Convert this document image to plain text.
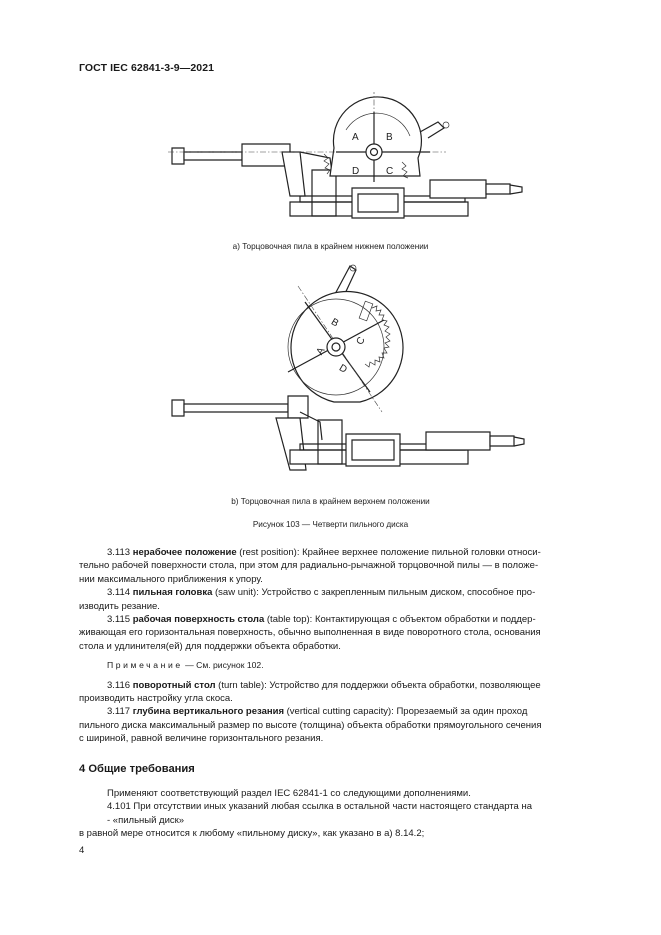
ГОСТ IEC 62841-3-9—2021
A	B
C
D
а) Торцовочная пила в крайнем нижнем положении
A
B
C
D
b) Торцовочная пила в крайнем верхнем положении
Рисунок 103 — Четверти пильного диска

3.113 нерабочее положение (rest position): Крайнее верхнее положение пильной головки относи-

тельно рабочей поверхности стола, при этом для радиально-рычажной торцовочной пилы — в положе-

нии максимального приближения к упору.

3.114 пильная головка (saw unit): Устройство с закрепленным пильным диском, способное про-

изводить резание.

3.115 рабочая поверхность стола (table top): Контактирующая с объектом обработки и поддер-

живающая его горизонтальная поверхность, обычно выполненная в виде поворотного стола, основания

стола и удлинителя(ей) для поддержки объекта обработки.

Примечание — См. рисунок 102.

3.116 поворотный стол (turn table): Устройство для поддержки объекта обработки, позволяющее

производить настройку угла скоса.

3.117 глубина вертикального резания (vertical cutting capacity): Прорезаемый за один проход

пильного диска максимальный размер по высоте (толщина) объекта обработки прямоугольного сечения

с шириной, равной величине горизонтального резания.

4 Общие требования

Применяют соответствующий раздел IEC 62841-1 со следующими дополнениями.

4.101 При отсутствии иных указаний любая ссылка в остальной части настоящего стандарта на

- «пильный диск»

в равной мере относится к любому «пильному диску», как указано в а) 8.14.2;

4
